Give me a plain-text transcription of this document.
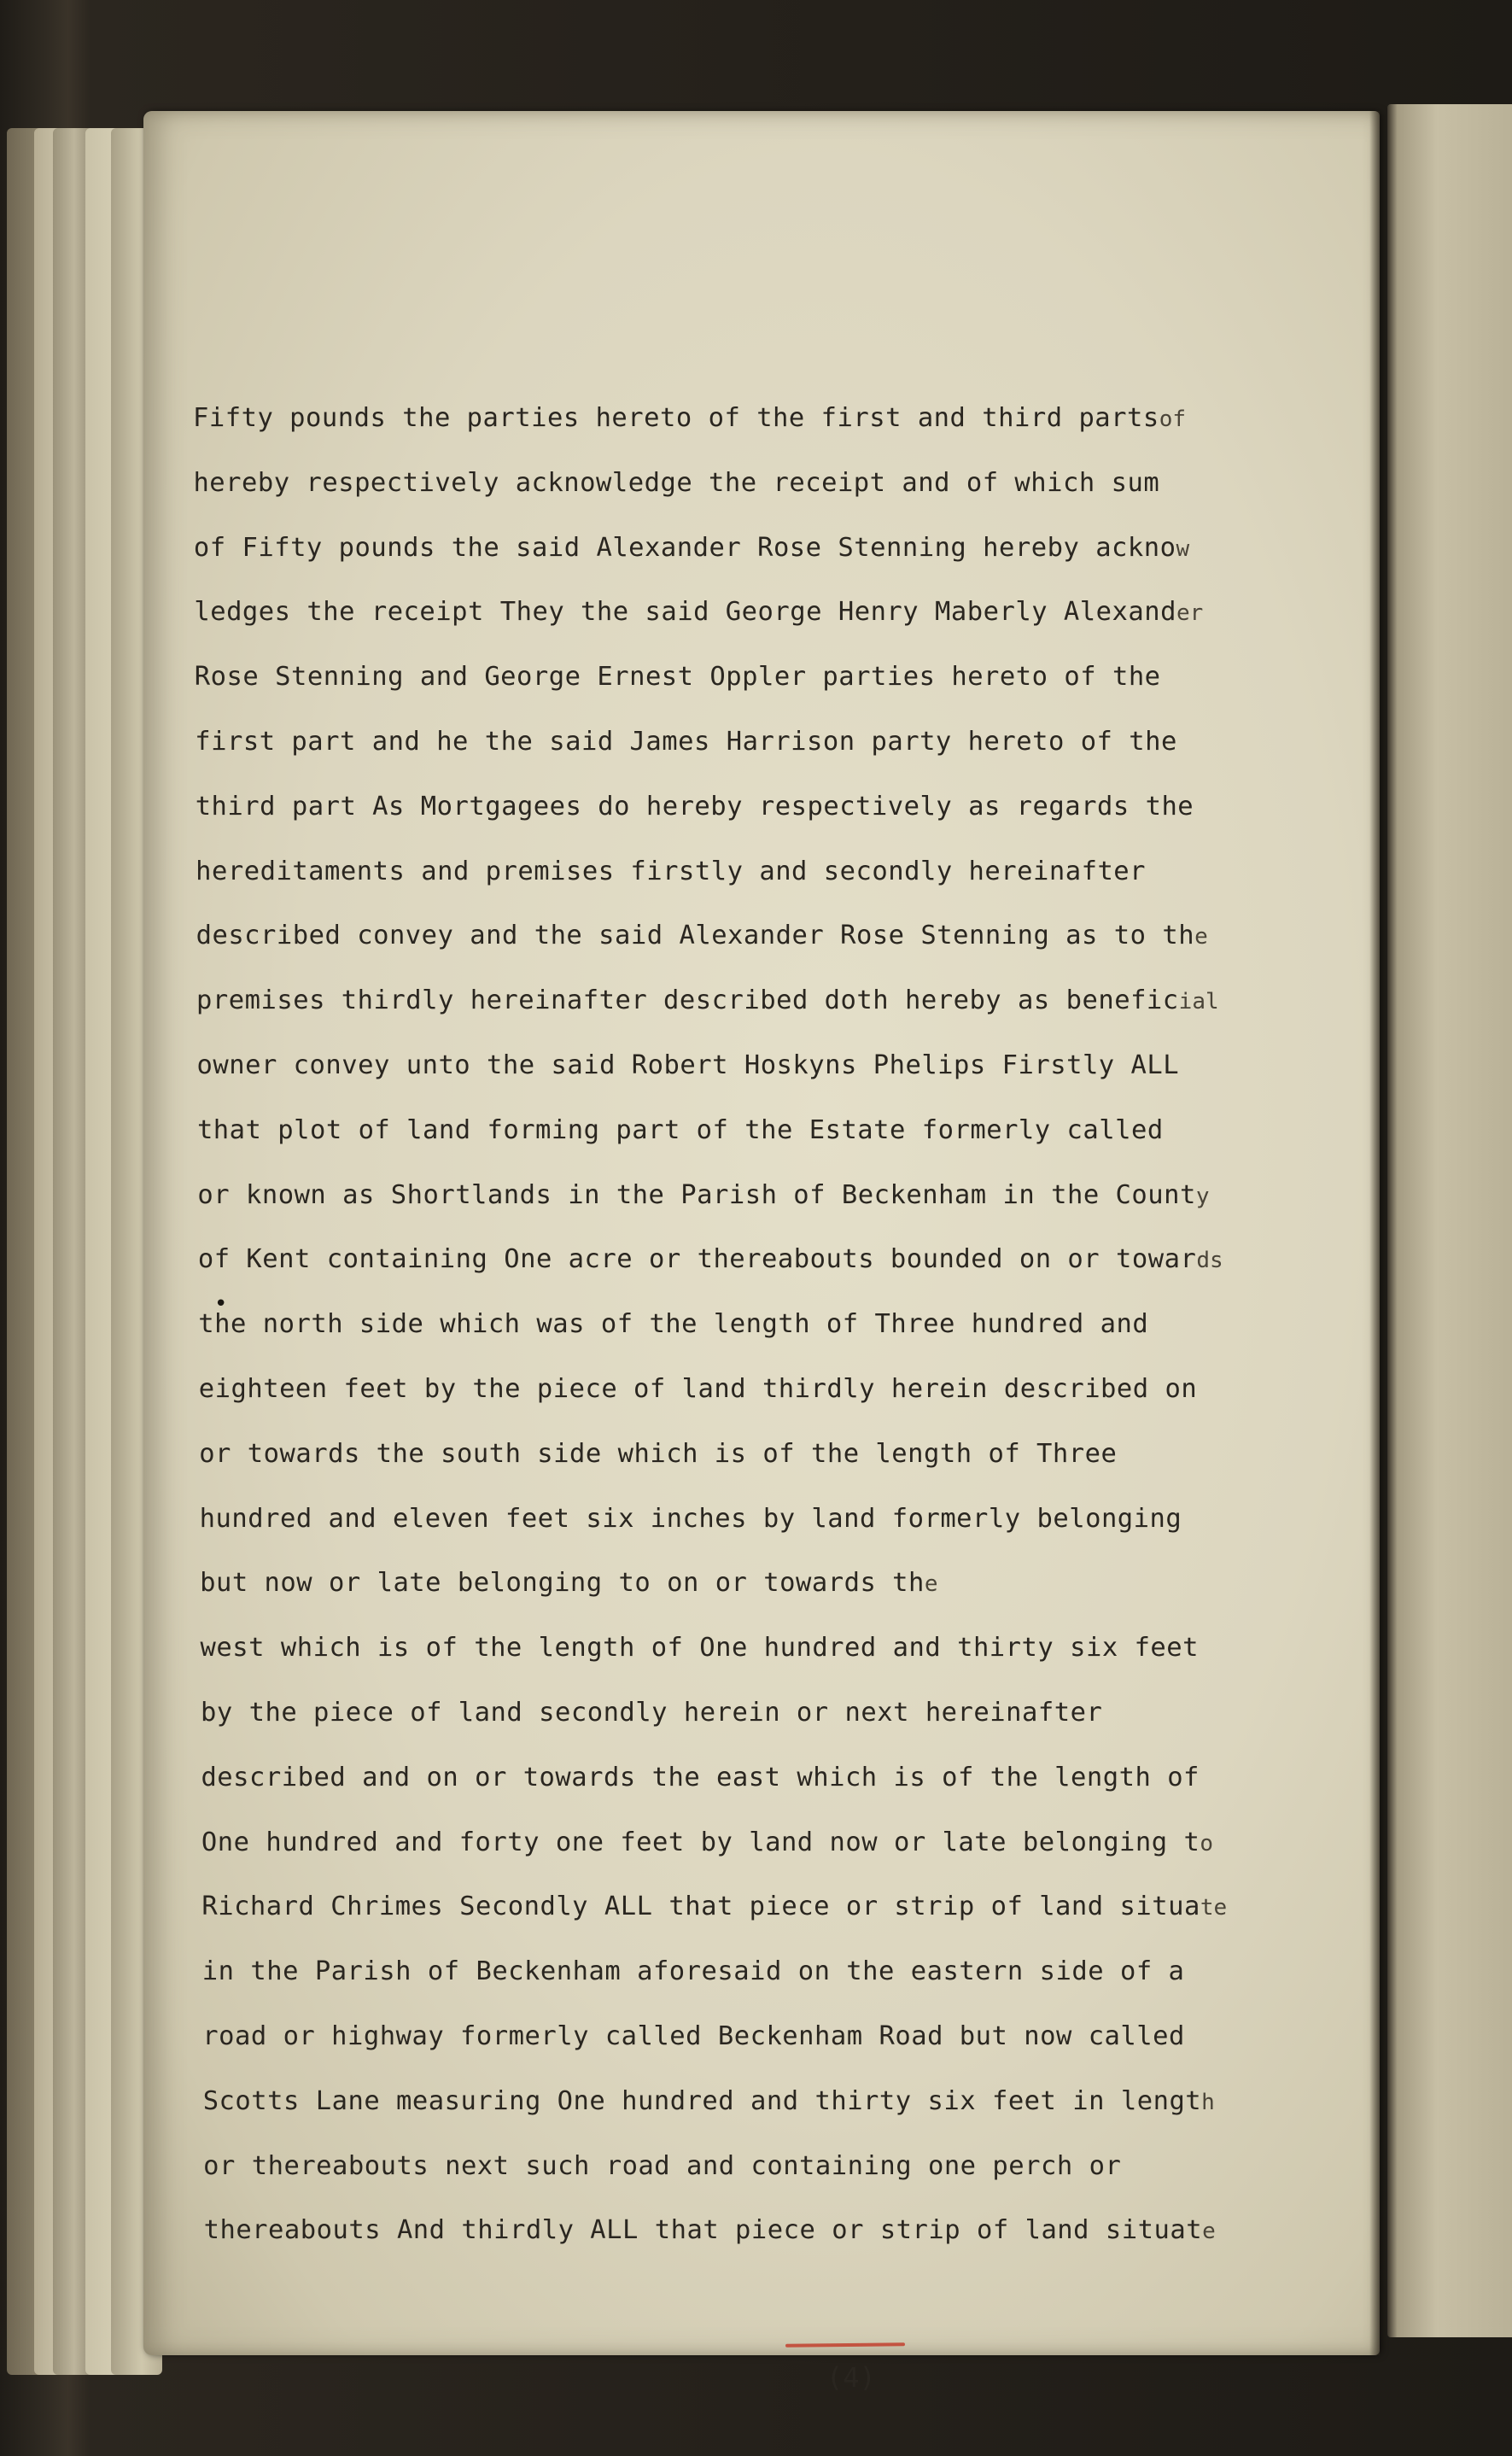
Fifty pounds the parties hereto of the first and third partsof
hereby respectively acknowledge the receipt and of which sum
of Fifty pounds the said Alexander Rose Stenning hereby acknow
ledges the receipt They the said George Henry Maberly Alexander
Rose Stenning and George Ernest Oppler parties hereto of the
first part and he the said James Harrison party hereto of the
third part As Mortgagees do hereby respectively as regards the
hereditaments and premises firstly and secondly hereinafter
described convey and the said Alexander Rose Stenning as to the
premises thirdly hereinafter described doth hereby as beneficial
owner convey unto the said Robert Hoskyns Phelips Firstly ALL
that plot of land forming part of the Estate formerly called
or known as Shortlands in the Parish of Beckenham in the County
of Kent containing One acre or thereabouts bounded on or towards
the north side which was of the length of Three hundred and
eighteen feet by the piece of land thirdly herein described on
or towards the south side which is of the length of Three
hundred and eleven feet six inches by land formerly belonging
but now or late belonging to on or towards the
west which is of the length of One hundred and thirty six feet
by the piece of land secondly herein or next hereinafter
described and on or towards the east which is of the length of
One hundred and forty one feet by land now or late belonging to
Richard Chrimes Secondly ALL that piece or strip of land situate
in the Parish of Beckenham aforesaid on the eastern side of a
road or highway formerly called Beckenham Road but now called
Scotts Lane measuring One hundred and thirty six feet in length
or thereabouts next such road and containing one perch or
thereabouts And thirdly ALL that piece or strip of land situate
•
(4)
